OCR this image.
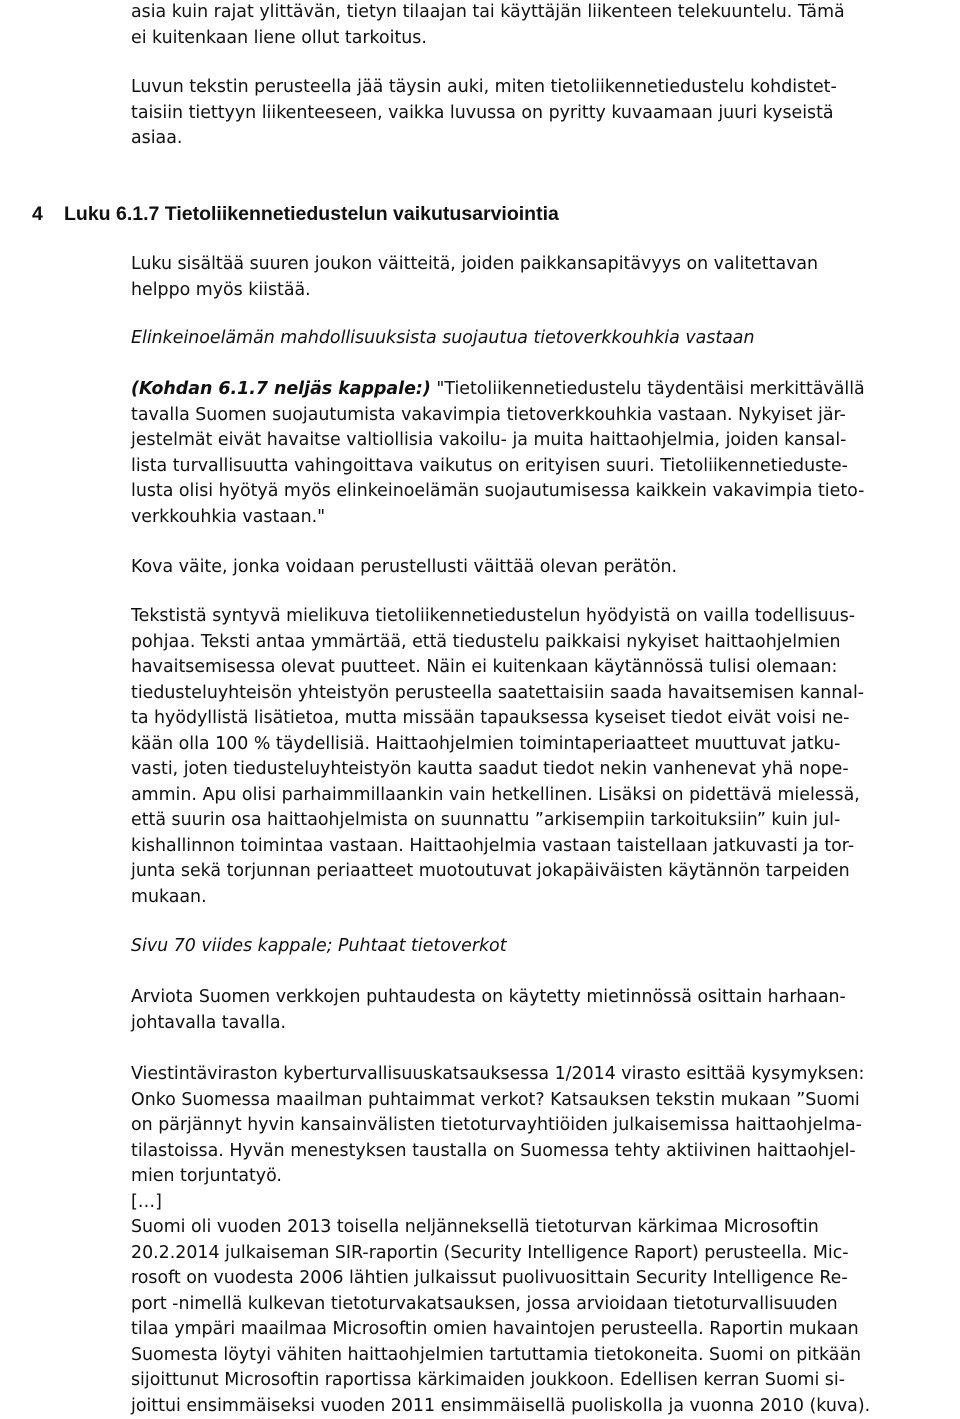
asia kuin rajat ylittävän, tietyn tilaajan tai käyttäjän liikenteen telekuuntelu. Tämä
ei kuitenkaan liene ollut tarkoitus.
Luvun tekstin perusteella jää täysin auki, miten tietoliikennetiedustelu kohdistet-
taisiin tiettyyn liikenteeseen, vaikka luvussa on pyritty kuvaamaan juuri kyseistä
asiaa.
4 Luku 6.1.7 Tietoliikennetiedustelun vaikutusarviointia
Luku sisältää suuren joukon väitteitä, joiden paikkansapitävyys on valitettavan
helppo myös kiistää.
Elinkeinoelämän mahdollisuuksista suojautua tietoverkkouhkia vastaan
(Kohdan 6.1.7 neljäs kappale:) "Tietoliikennetiedustelu täydentäisi merkittävällä
tavalla Suomen suojautumista vakavimpia tietoverkkouhkia vastaan. Nykyiset jär-
jestelmät eivät havaitse valtiollisia vakoilu- ja muita haittaohjelmia, joiden kansal-
lista turvallisuutta vahingoittava vaikutus on erityisen suuri. Tietoliikennetiedustе-
lusta olisi hyötyä myös elinkeinoelämän suojautumisessa kaikkein vakavimpia tieto-
verkkouhkia vastaan."
Kova väite, jonka voidaan perustellusti väittää olevan perätön.
Tekstistä syntyvä mielikuva tietoliikennetiedustelun hyödyistä on vailla todellisuus-
pohjaa. Teksti antaa ymmärtää, että tiedustelu paikkaisi nykyiset haittaohjelmien
havaitsemisessa olevat puutteet. Näin ei kuitenkaan käytännössä tulisi olemaan:
tiedusteluyhteisön yhteistyön perusteella saatettaisiin saada havaitsemisen kannal-
ta hyödyllistä lisätietoa, mutta missään tapauksessa kyseiset tiedot eivät voisi ne-
kään olla 100 % täydellisiä. Haittaohjelmien toimintaperiaatteet muuttuvat jatku-
vasti, joten tiedusteluyhteistyön kautta saadut tiedot nekin vanhenevat yhä nope-
ammin. Apu olisi parhaimmillaankin vain hetkellinen. Lisäksi on pidettävä mielessä,
että suurin osa haittaohjelmista on suunnattu ”arkisempiin tarkoituksiin” kuin jul-
kishallinnon toimintaa vastaan. Haittaohjelmia vastaan taistellaan jatkuvasti ja tor-
junta sekä torjunnan periaatteet muotoutuvat jokapäiväisten käytännön tarpeiden
mukaan.
Sivu 70 viides kappale; Puhtaat tietoverkot
Arviota Suomen verkkojen puhtaudesta on käytetty mietinnössä osittain harhaan-
johtavalla tavalla.
Viestintäviraston kyberturvallisuuskatsauksessa 1/2014 virasto esittää kysymyksen:
Onko Suomessa maailman puhtaimmat verkot? Katsauksen tekstin mukaan ”Suomi
on pärjännyt hyvin kansainvälisten tietoturvayhtiöiden julkaisemissa haittaohjelma-
tilastoissa. Hyvän menestyksen taustalla on Suomessa tehty aktiivinen haittaohjel-
mien torjuntatyö.
[…]
Suomi oli vuoden 2013 toisella neljänneksellä tietoturvan kärkimaa Microsoftin
20.2.2014 julkaiseman SIR-raportin (Security Intelligence Raport) perusteella. Mic-
rosoft on vuodesta 2006 lähtien julkaissut puolivuosittain Security Intelligence Re-
port -nimellä kulkevan tietoturvakatsauksen, jossa arvioidaan tietoturvallisuuden
tilaa ympäri maailmaa Microsoftin omien havaintojen perusteella. Raportin mukaan
Suomesta löytyi vähiten haittaohjelmien tartuttamia tietokoneita. Suomi on pitkään
sijoittunut Microsoftin raportissa kärkimaiden joukkoon. Edellisen kerran Suomi si-
joittui ensimmäiseksi vuoden 2011 ensimmäisellä puoliskolla ja vuonna 2010 (kuva).
